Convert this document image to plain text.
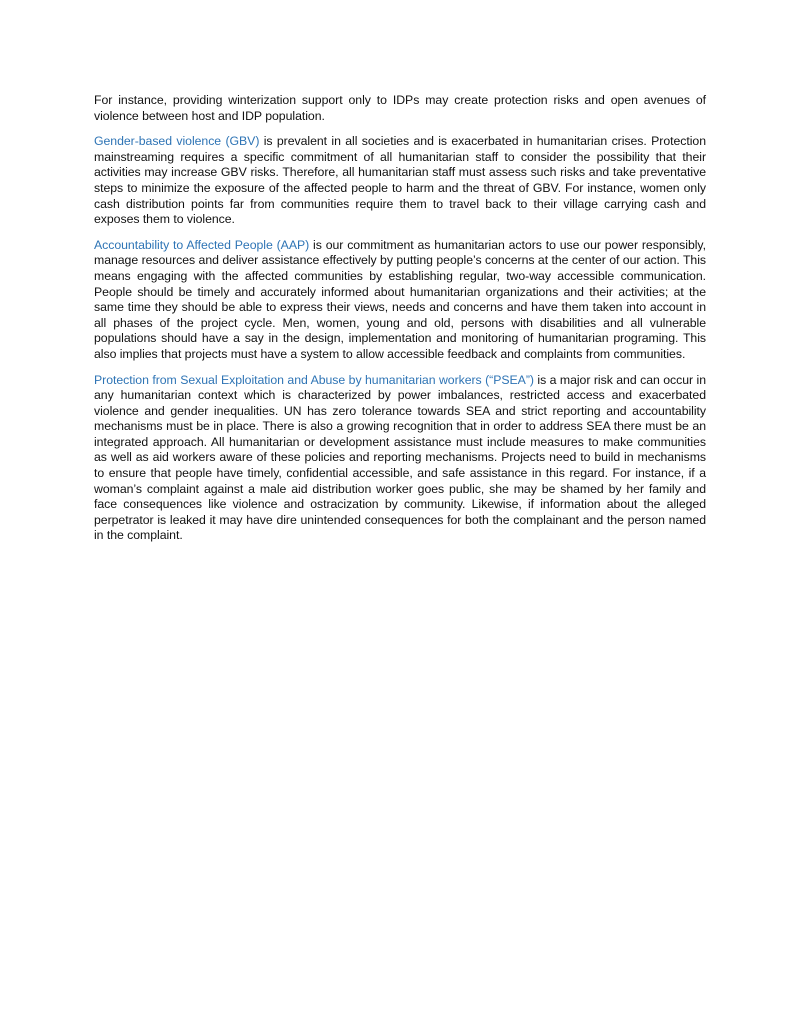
For instance, providing winterization support only to IDPs may create protection risks and open avenues of violence between host and IDP population.

Gender-based violence (GBV) is prevalent in all societies and is exacerbated in humanitarian crises. Protection mainstreaming requires a specific commitment of all humanitarian staff to consider the possibility that their activities may increase GBV risks. Therefore, all humanitarian staff must assess such risks and take preventative steps to minimize the exposure of the affected people to harm and the threat of GBV. For instance, women only cash distribution points far from communities require them to travel back to their village carrying cash and exposes them to violence.

Accountability to Affected People (AAP) is our commitment as humanitarian actors to use our power responsibly, manage resources and deliver assistance effectively by putting people’s concerns at the center of our action. This means engaging with the affected communities by establishing regular, two-way accessible communication. People should be timely and accurately informed about humanitarian organizations and their activities; at the same time they should be able to express their views, needs and concerns and have them taken into account in all phases of the project cycle. Men, women, young and old, persons with disabilities and all vulnerable populations should have a say in the design, implementation and monitoring of humanitarian programing. This also implies that projects must have a system to allow accessible feedback and complaints from communities.

Protection from Sexual Exploitation and Abuse by humanitarian workers (“PSEA”) is a major risk and can occur in any humanitarian context which is characterized by power imbalances, restricted access and exacerbated violence and gender inequalities. UN has zero tolerance towards SEA and strict reporting and accountability mechanisms must be in place. There is also a growing recognition that in order to address SEA there must be an integrated approach. All humanitarian or development assistance must include measures to make communities as well as aid workers aware of these policies and reporting mechanisms. Projects need to build in mechanisms to ensure that people have timely, confidential accessible, and safe assistance in this regard. For instance, if a woman’s complaint against a male aid distribution worker goes public, she may be shamed by her family and face consequences like violence and ostracization by community. Likewise, if information about the alleged perpetrator is leaked it may have dire unintended consequences for both the complainant and the person named in the complaint.
